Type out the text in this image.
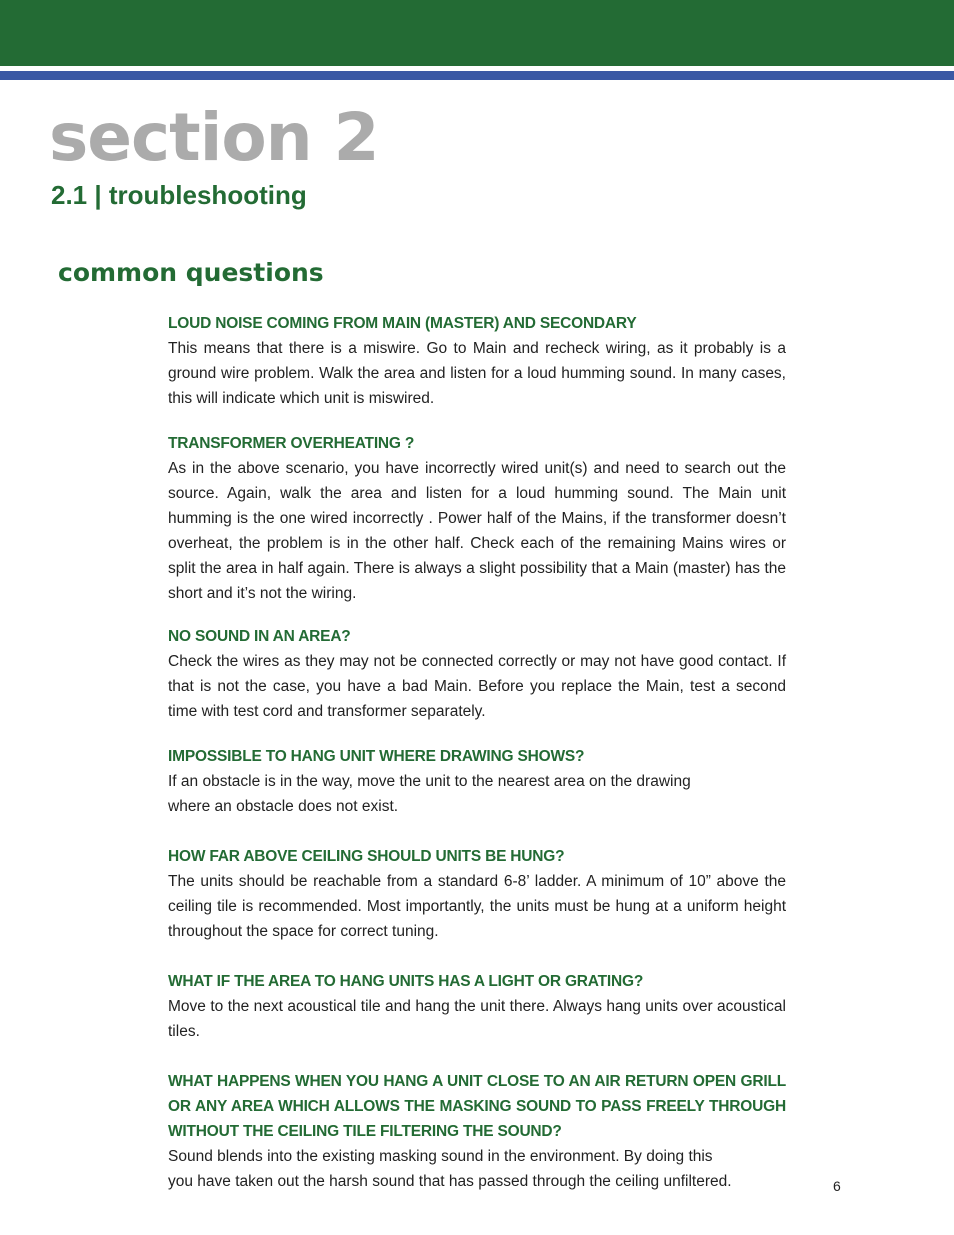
section 2
2.1 | troubleshooting
common questions

LOUD NOISE COMING FROM MAIN (MASTER) AND SECONDARY

This means that there is a miswire. Go to Main and recheck wiring, as it probably is a ground wire problem. Walk the area and listen for a loud humming sound. In many cases, this will indicate which unit is miswired.

TRANSFORMER OVERHEATING ?

As in the above scenario, you have incorrectly wired unit(s) and need to search out the source. Again, walk the area and listen for a loud humming sound. The Main unit humming is the one wired incorrectly . Power half of the Mains, if the transformer doesn’t overheat, the problem is in the other half. Check each of the remaining Mains wires or split the area in half again. There is always a slight possibility that a Main (master) has the short and it’s not the wiring.

NO SOUND IN AN AREA?

Check the wires as they may not be connected correctly or may not have good contact. If that is not the case, you have a bad Main. Before you replace the Main, test a second time with test cord and transformer separately.

IMPOSSIBLE TO HANG UNIT WHERE DRAWING SHOWS?

If an obstacle is in the way, move the unit to the nearest area on the drawing

where an obstacle does not exist.

HOW FAR ABOVE CEILING SHOULD UNITS BE HUNG?

The units should be reachable from a standard 6-8’ ladder. A minimum of 10” above the ceiling tile is recommended. Most importantly, the units must be hung at a uniform height throughout the space for correct tuning.

WHAT IF THE AREA TO HANG UNITS HAS A LIGHT OR GRATING?

Move to the next acoustical tile and hang the unit there. Always hang units over acoustical tiles.

WHAT HAPPENS WHEN YOU HANG A UNIT CLOSE TO AN AIR RETURN OPEN GRILL OR ANY AREA WHICH ALLOWS THE MASKING SOUND TO PASS FREELY THROUGH WITHOUT THE CEILING TILE FILTERING THE SOUND?

Sound blends into the existing masking sound in the environment. By doing this

you have taken out the harsh sound that has passed through the ceiling unfiltered.	6
